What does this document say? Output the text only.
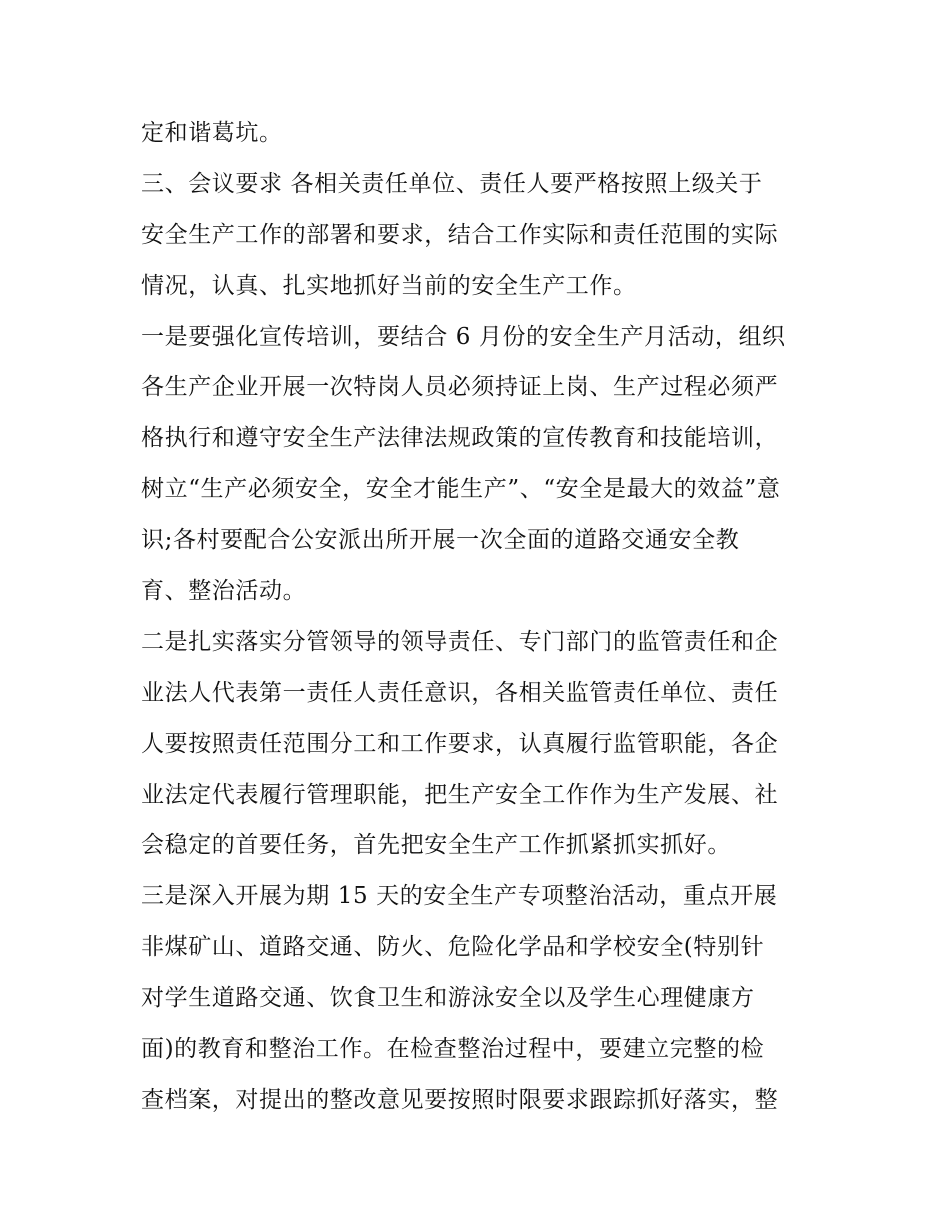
定和谐葛坑。
三、会议要求 各相关责任单位、责任人要严格按照上级关于
安全生产工作的部署和要求，结合工作实际和责任范围的实际
情况，认真、扎实地抓好当前的安全生产工作。
一是要强化宣传培训，要结合 6 月份的安全生产月活动，组织
各生产企业开展一次特岗人员必须持证上岗、生产过程必须严
格执行和遵守安全生产法律法规政策的宣传教育和技能培训，
树立“生产必须安全，安全才能生产”、“安全是最大的效益”意
识;各村要配合公安派出所开展一次全面的道路交通安全教
育、整治活动。
二是扎实落实分管领导的领导责任、专门部门的监管责任和企
业法人代表第一责任人责任意识，各相关监管责任单位、责任
人要按照责任范围分工和工作要求，认真履行监管职能，各企
业法定代表履行管理职能，把生产安全工作作为生产发展、社
会稳定的首要任务，首先把安全生产工作抓紧抓实抓好。
三是深入开展为期 15 天的安全生产专项整治活动，重点开展
非煤矿山、道路交通、防火、危险化学品和学校安全(特别针
对学生道路交通、饮食卫生和游泳安全以及学生心理健康方
面)的教育和整治工作。在检查整治过程中，要建立完整的检
查档案，对提出的整改意见要按照时限要求跟踪抓好落实，整
